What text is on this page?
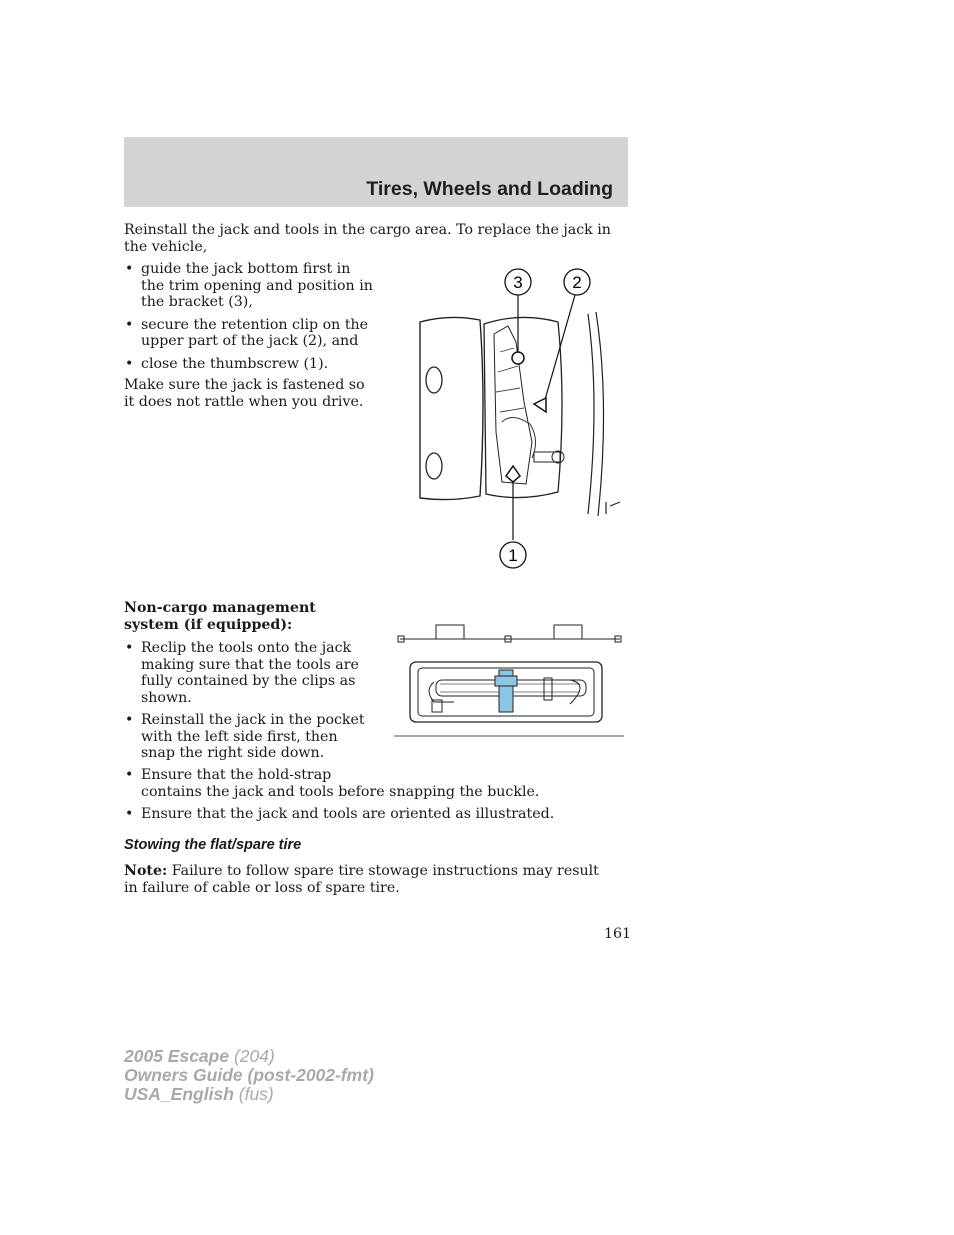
Tires, Wheels and Loading

Reinstall the jack and tools in the cargo area. To replace the jack in the vehicle,

• guide the jack bottom first in the trim opening and position in the bracket (3),
• secure the retention clip on the upper part of the jack (2), and
• close the thumbscrew (1).

Make sure the jack is fastened so it does not rattle when you drive.

3	2
1

Non-cargo management system (if equipped):

• Reclip the tools onto the jack making sure that the tools are fully contained by the clips as shown.
• Reinstall the jack in the pocket with the left side first, then snap the right side down.
• Ensure that the hold-strap
contains the jack and tools before snapping the buckle.
• Ensure that the jack and tools are oriented as illustrated.
Stowing the flat/spare tire

Note: Failure to follow spare tire stowage instructions may result in failure of cable or loss of spare tire.

161

2005 Escape (204)
Owners Guide (post-2002-fmt)
USA_English (fus)
